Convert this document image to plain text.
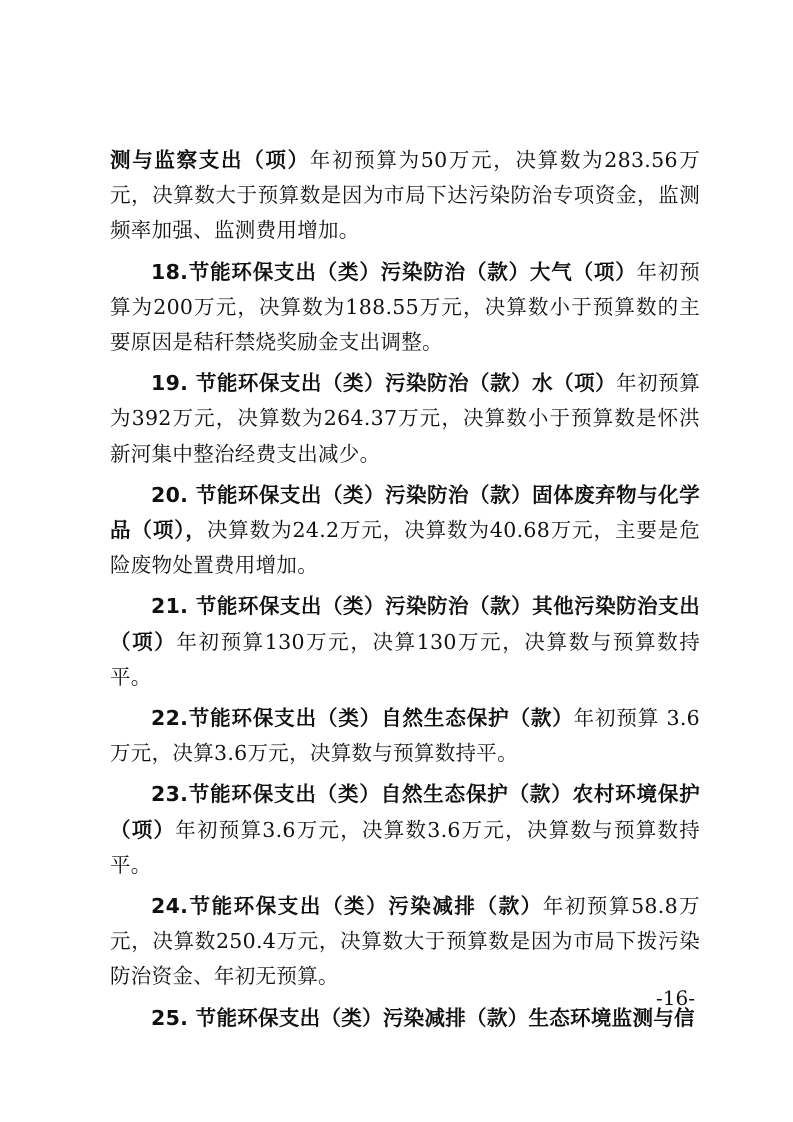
测与监察支出（项）年初预算为50万元，决算数为283.56万元，决算数大于预算数是因为市局下达污染防治专项资金，监测频率加强、监测费用增加。

18.节能环保支出（类）污染防治（款）大气（项）年初预算为200万元，决算数为188.55万元，决算数小于预算数的主要原因是秸秆禁烧奖励金支出调整。

19. 节能环保支出（类）污染防治（款）水（项）年初预算为392万元，决算数为264.37万元，决算数小于预算数是怀洪新河集中整治经费支出减少。

20. 节能环保支出（类）污染防治（款）固体废弃物与化学品（项），决算数为24.2万元，决算数为40.68万元，主要是危险废物处置费用增加。

21. 节能环保支出（类）污染防治（款）其他污染防治支出（项）年初预算130万元，决算130万元，决算数与预算数持平。

22.节能环保支出（类）自然生态保护（款）年初预算 3.6万元，决算3.6万元，决算数与预算数持平。

23.节能环保支出（类）自然生态保护（款）农村环境保护（项）年初预算3.6万元，决算数3.6万元，决算数与预算数持平。

24.节能环保支出（类）污染减排（款）年初预算58.8万元，决算数250.4万元，决算数大于预算数是因为市局下拨污染防治资金、年初无预算。

25. 节能环保支出（类）污染减排（款）生态环境监测与信

-16-
